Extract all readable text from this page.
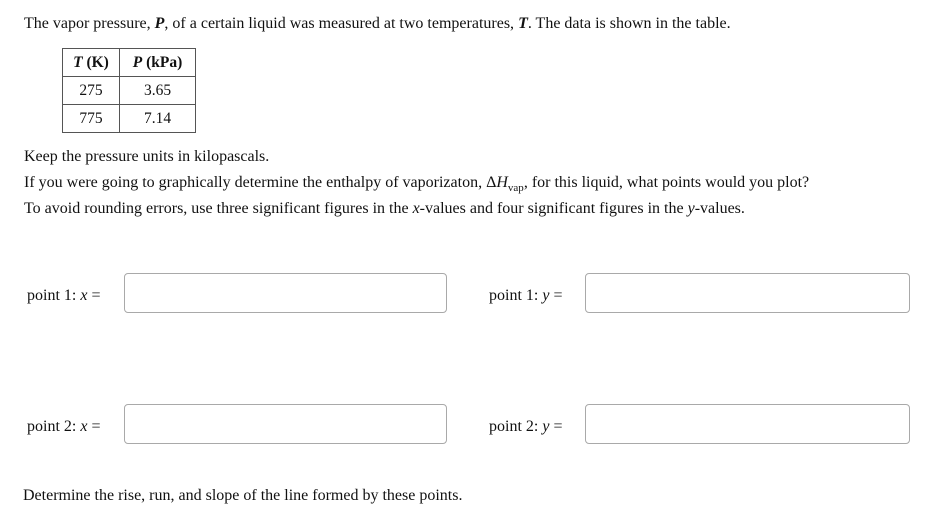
The vapor pressure, P, of a certain liquid was measured at two temperatures, T. The data is shown in the table.
T (K)	P (kPa)
275	3.65
775	7.14
Keep the pressure units in kilopascals.
If you were going to graphically determine the enthalpy of vaporizaton, $\Delta H_{vap}$, for this liquid, what points would you plot?
To avoid rounding errors, use three significant figures in the x-values and four significant figures in the y-values.
point 1: x =	point 1: y =
point 2: x =	point 2: y =
Determine the rise, run, and slope of the line formed by these points.
